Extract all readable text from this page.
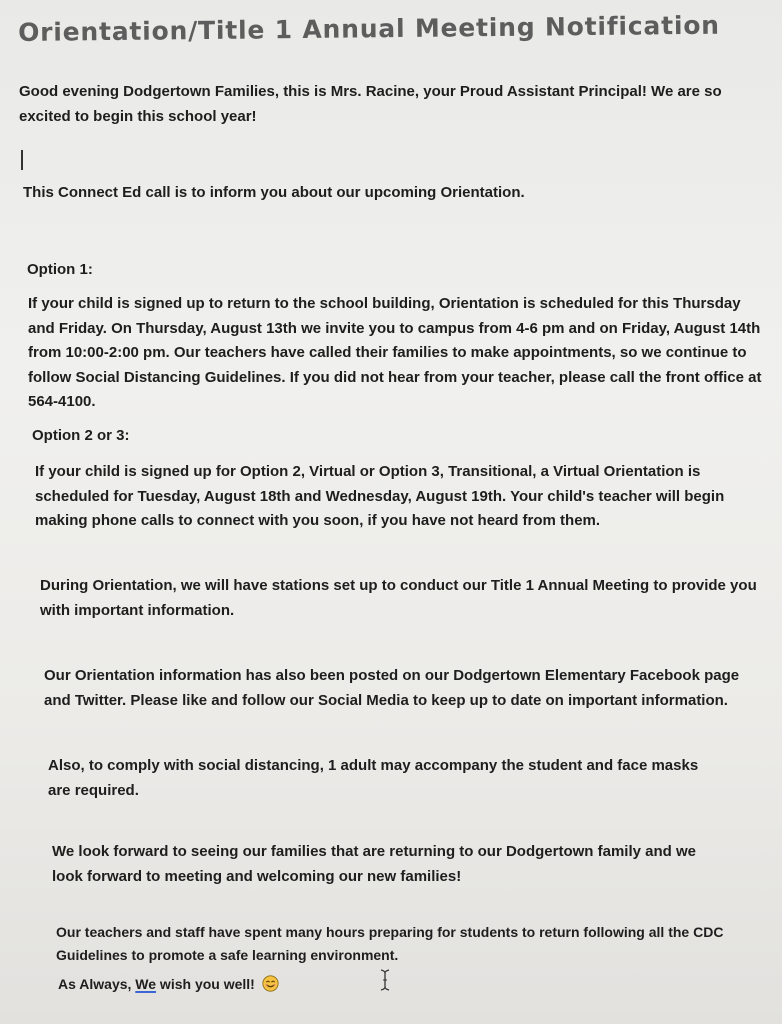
Orientation/Title 1 Annual Meeting Notification
Good evening Dodgertown Families, this is Mrs. Racine, your Proud Assistant Principal! We are so excited to begin this school year!
This Connect Ed call is to inform you about our upcoming Orientation.
Option 1:
If your child is signed up to return to the school building, Orientation is scheduled for this Thursday and Friday. On Thursday, August 13th we invite you to campus from 4-6 pm and on Friday, August 14th from 10:00-2:00 pm. Our teachers have called their families to make appointments, so we continue to follow Social Distancing Guidelines. If you did not hear from your teacher, please call the front office at 564-4100.
Option 2 or 3:
If your child is signed up for Option 2, Virtual or Option 3, Transitional, a Virtual Orientation is scheduled for Tuesday, August 18th and Wednesday, August 19th. Your child's teacher will begin making phone calls to connect with you soon, if you have not heard from them.
During Orientation, we will have stations set up to conduct our Title 1 Annual Meeting to provide you with important information.
Our Orientation information has also been posted on our Dodgertown Elementary Facebook page and Twitter. Please like and follow our Social Media to keep up to date on important information.
Also, to comply with social distancing, 1 adult may accompany the student and face masks are required.
We look forward to seeing our families that are returning to our Dodgertown family and we look forward to meeting and welcoming our new families!
Our teachers and staff have spent many hours preparing for students to return following all the CDC Guidelines to promote a safe learning environment.
As Always, We wish you well!
